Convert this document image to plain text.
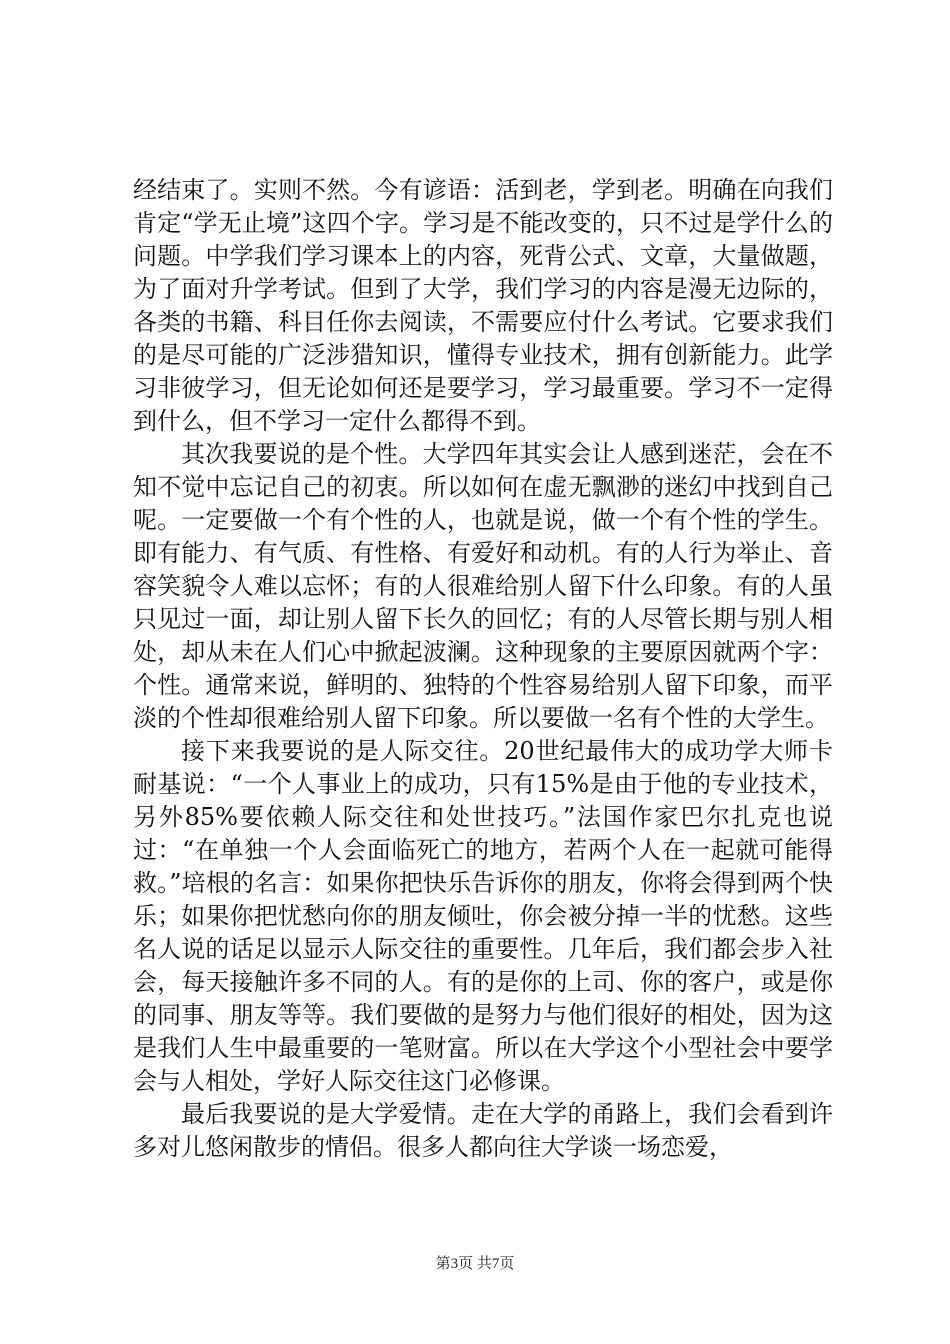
经结束了。实则不然。今有谚语：活到老，学到老。明确在向我们肯定“学无止境”这四个字。学习是不能改变的，只不过是学什么的问题。中学我们学习课本上的内容，死背公式、文章，大量做题，为了面对升学考试。但到了大学，我们学习的内容是漫无边际的，各类的书籍、科目任你去阅读，不需要应付什么考试。它要求我们的是尽可能的广泛涉猎知识，懂得专业技术，拥有创新能力。此学习非彼学习，但无论如何还是要学习，学习最重要。学习不一定得到什么，但不学习一定什么都得不到。

其次我要说的是个性。大学四年其实会让人感到迷茫，会在不知不觉中忘记自己的初衷。所以如何在虚无飘渺的迷幻中找到自己呢。一定要做一个有个性的人，也就是说，做一个有个性的学生。即有能力、有气质、有性格、有爱好和动机。有的人行为举止、音容笑貌令人难以忘怀；有的人很难给别人留下什么印象。有的人虽只见过一面，却让别人留下长久的回忆；有的人尽管长期与别人相处，却从未在人们心中掀起波澜。这种现象的主要原因就两个字：个性。通常来说，鲜明的、独特的个性容易给别人留下印象，而平淡的个性却很难给别人留下印象。所以要做一名有个性的大学生。

接下来我要说的是人际交往。20世纪最伟大的成功学大师卡耐基说：“一个人事业上的成功，只有15%是由于他的专业技术，另外85%要依赖人际交往和处世技巧。”法国作家巴尔扎克也说过：“在单独一个人会面临死亡的地方，若两个人在一起就可能得救。”培根的名言：如果你把快乐告诉你的朋友，你将会得到两个快乐；如果你把忧愁向你的朋友倾吐，你会被分掉一半的忧愁。这些名人说的话足以显示人际交往的重要性。几年后，我们都会步入社会，每天接触许多不同的人。有的是你的上司、你的客户，或是你的同事、朋友等等。我们要做的是努力与他们很好的相处，因为这是我们人生中最重要的一笔财富。所以在大学这个小型社会中要学会与人相处，学好人际交往这门必修课。

最后我要说的是大学爱情。走在大学的甬路上，我们会看到许多对儿悠闲散步的情侣。很多人都向往大学谈一场恋爱，

第3页 共7页
